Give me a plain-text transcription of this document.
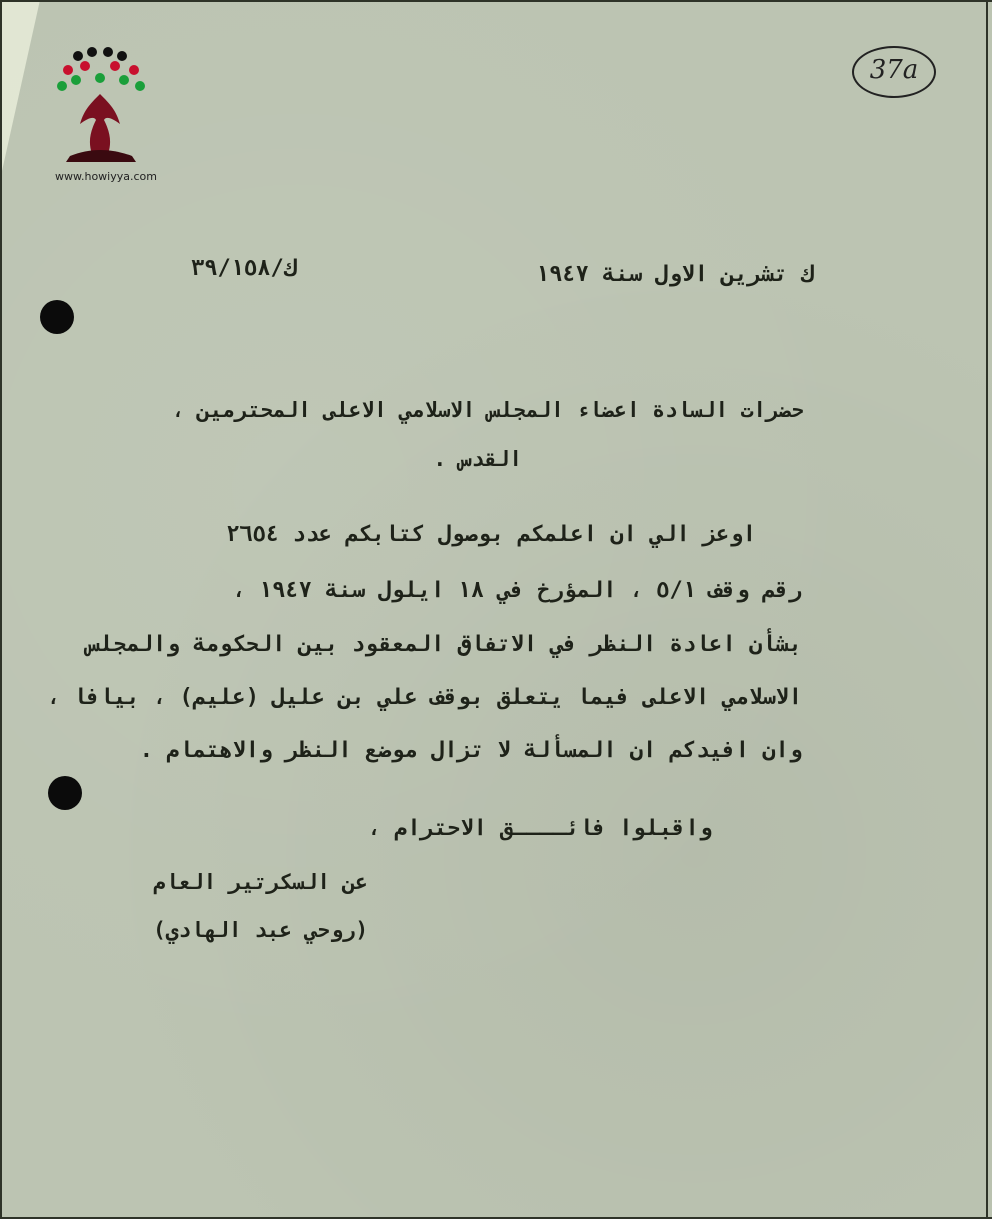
37a
www.howiyya.com
ك/٣٩/١٥٨	ك تشرين الاول سنة ١٩٤٧
حضرات السادة اعضاء المجلس الاسلامي الاعلى المحترمين ،
القدس .
اوعز الي ان اعلمكم بوصول كتابكم عدد ٢٦٥٤
رقم وقف ٥/١ ، المؤرخ في ١٨ ايلول سنة ١٩٤٧ ،
بشأن اعادة النظر في الاتفاق المعقود بين الحكومة والمجلس
الاسلامي الاعلى فيما يتعلق بوقف علي بن عليل (عليم) ، بيافا ،
وان افيدكم ان المسألة لا تزال موضع النظر والاهتمام .
واقبلوا فائــــق الاحترام ،
عن السكرتير العام
(روحي عبد الهادي)
